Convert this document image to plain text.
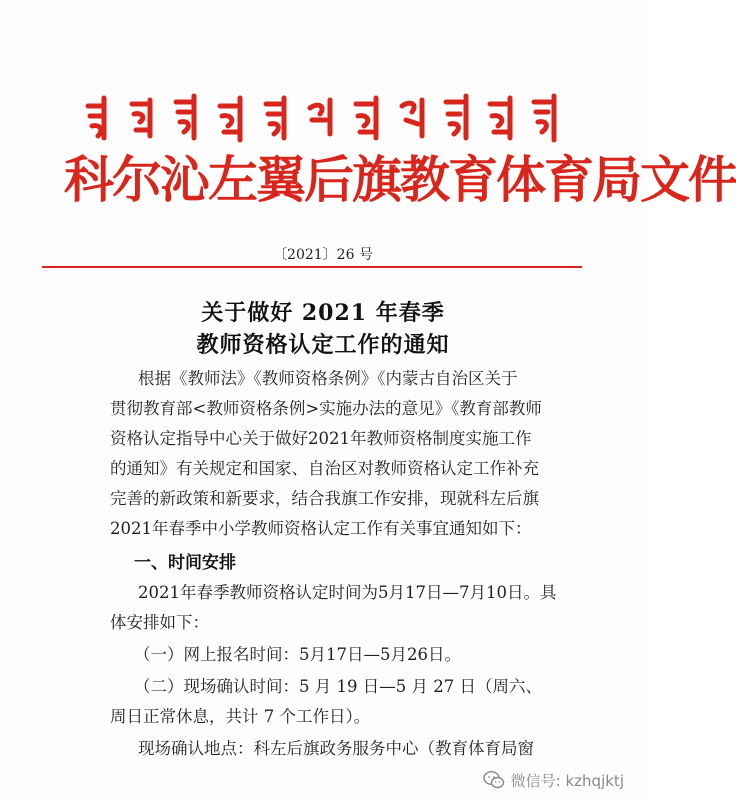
科尔沁左翼后旗教育体育局文件
〔2021〕26 号
关于做好 2021 年春季
教师资格认定工作的通知
根据《教师法》《教师资格条例》《内蒙古自治区关于
贯彻教育部<教师资格条例>实施办法的意见》《教育部教师
资格认定指导中心关于做好2021年教师资格制度实施工作
的通知》有关规定和国家、自治区对教师资格认定工作补充
完善的新政策和新要求，结合我旗工作安排，现就科左后旗
2021年春季中小学教师资格认定工作有关事宜通知如下：
一、时间安排
2021年春季教师资格认定时间为5月17日—7月10日。具
体安排如下：
（一）网上报名时间：5月17日—5月26日。
（二）现场确认时间：5 月 19 日—5 月 27 日（周六、
周日正常休息，共计 7 个工作日）。
现场确认地点：科左后旗政务服务中心（教育体育局窗
微信号: kzhqjktj
